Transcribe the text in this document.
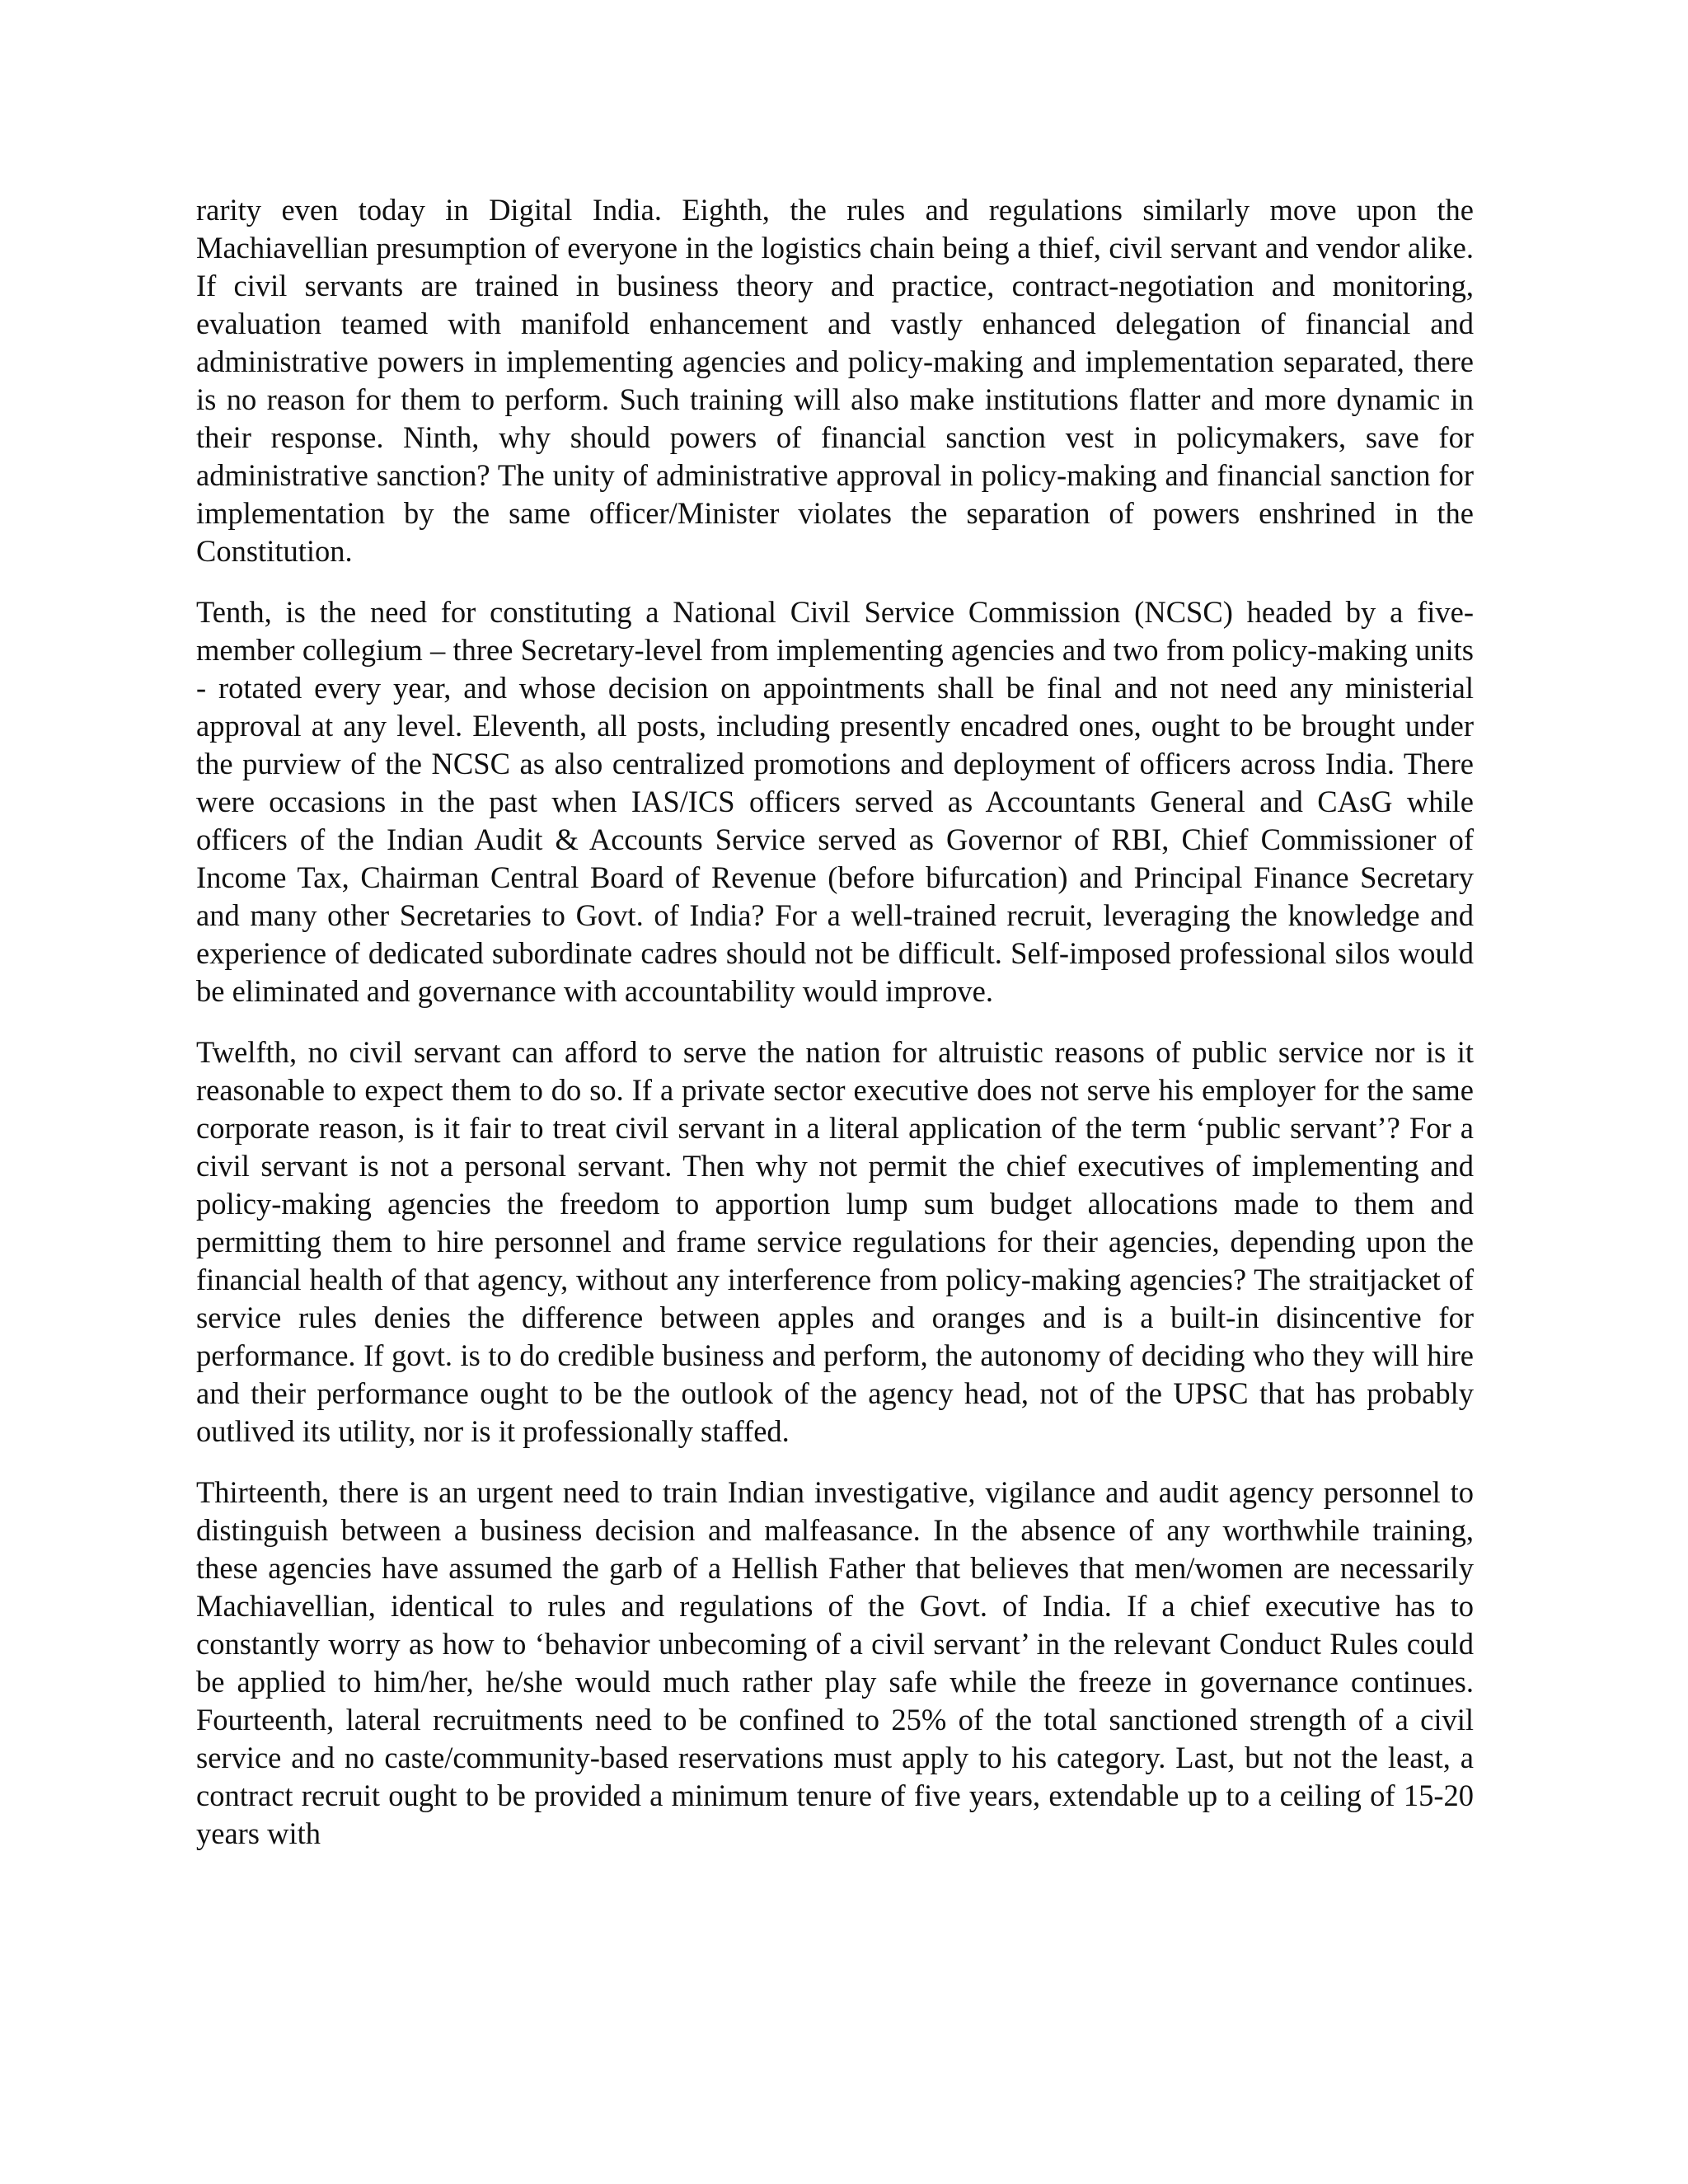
rarity even today in Digital India. Eighth, the rules and regulations similarly move upon the Machiavellian presumption of everyone in the logistics chain being a thief, civil servant and vendor alike. If civil servants are trained in business theory and practice, contract-negotiation and monitoring, evaluation teamed with manifold enhancement and vastly enhanced delegation of financial and administrative powers in implementing agencies and policy-making and implementation separated, there is no reason for them to perform. Such training will also make institutions flatter and more dynamic in their response. Ninth, why should powers of financial sanction vest in policymakers, save for administrative sanction? The unity of administrative approval in policy-making and financial sanction for implementation by the same officer/Minister violates the separation of powers enshrined in the Constitution.

Tenth, is the need for constituting a National Civil Service Commission (NCSC) headed by a five-member collegium – three Secretary-level from implementing agencies and two from policy-making units - rotated every year, and whose decision on appointments shall be final and not need any ministerial approval at any level. Eleventh, all posts, including presently encadred ones, ought to be brought under the purview of the NCSC as also centralized promotions and deployment of officers across India. There were occasions in the past when IAS/ICS officers served as Accountants General and CAsG while officers of the Indian Audit & Accounts Service served as Governor of RBI, Chief Commissioner of Income Tax, Chairman Central Board of Revenue (before bifurcation) and Principal Finance Secretary and many other Secretaries to Govt. of India? For a well-trained recruit, leveraging the knowledge and experience of dedicated subordinate cadres should not be difficult. Self-imposed professional silos would be eliminated and governance with accountability would improve.

Twelfth, no civil servant can afford to serve the nation for altruistic reasons of public service nor is it reasonable to expect them to do so. If a private sector executive does not serve his employer for the same corporate reason, is it fair to treat civil servant in a literal application of the term ‘public servant’? For a civil servant is not a personal servant. Then why not permit the chief executives of implementing and policy-making agencies the freedom to apportion lump sum budget allocations made to them and permitting them to hire personnel and frame service regulations for their agencies, depending upon the financial health of that agency, without any interference from policy-making agencies? The straitjacket of service rules denies the difference between apples and oranges and is a built-in disincentive for performance. If govt. is to do credible business and perform, the autonomy of deciding who they will hire and their performance ought to be the outlook of the agency head, not of the UPSC that has probably outlived its utility, nor is it professionally staffed.

Thirteenth, there is an urgent need to train Indian investigative, vigilance and audit agency personnel to distinguish between a business decision and malfeasance. In the absence of any worthwhile training, these agencies have assumed the garb of a Hellish Father that believes that men/women are necessarily Machiavellian, identical to rules and regulations of the Govt. of India. If a chief executive has to constantly worry as how to ‘behavior unbecoming of a civil servant’ in the relevant Conduct Rules could be applied to him/her, he/she would much rather play safe while the freeze in governance continues. Fourteenth, lateral recruitments need to be confined to 25% of the total sanctioned strength of a civil service and no caste/community-based reservations must apply to his category. Last, but not the least, a contract recruit ought to be provided a minimum tenure of five years, extendable up to a ceiling of 15-20 years with
